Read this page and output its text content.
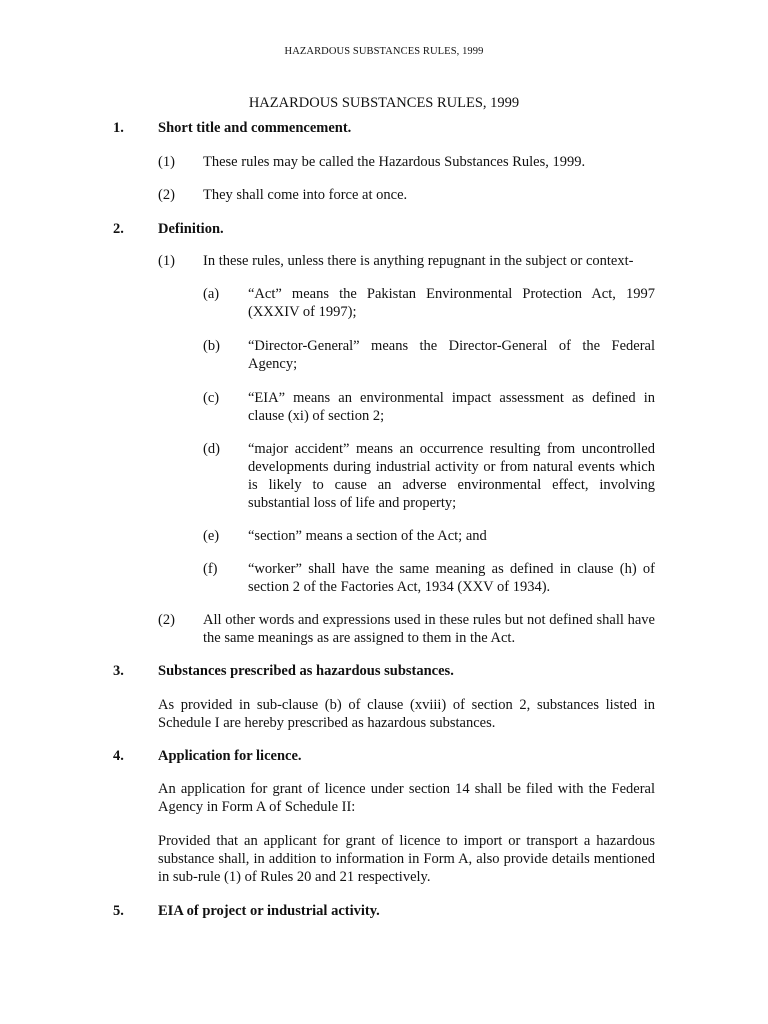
HAZARDOUS SUBSTANCES RULES, 1999
HAZARDOUS SUBSTANCES RULES, 1999
1. Short title and commencement.
(1) These rules may be called the Hazardous Substances Rules, 1999.
(2) They shall come into force at once.
2. Definition.
(1) In these rules, unless there is anything repugnant in the subject or context-
(a) “Act” means the Pakistan Environmental Protection Act, 1997 (XXXIV of 1997);
(b) “Director-General” means the Director-General of the Federal Agency;
(c) “EIA” means an environmental impact assessment as defined in clause (xi) of section 2;
(d) “major accident” means an occurrence resulting from uncontrolled developments during industrial activity or from natural events which is likely to cause an adverse environmental effect, involving substantial loss of life and property;
(e) “section” means a section of the Act; and
(f) “worker” shall have the same meaning as defined in clause (h) of section 2 of the Factories Act, 1934 (XXV of 1934).
(2) All other words and expressions used in these rules but not defined shall have the same meanings as are assigned to them in the Act.
3. Substances prescribed as hazardous substances.
As provided in sub-clause (b) of clause (xviii) of section 2, substances listed in Schedule I are hereby prescribed as hazardous substances.
4. Application for licence.
An application for grant of licence under section 14 shall be filed with the Federal Agency in Form A of Schedule II:
Provided that an applicant for grant of licence to import or transport a hazardous substance shall, in addition to information in Form A, also provide details mentioned in sub-rule (1) of Rules 20 and 21 respectively.
5. EIA of project or industrial activity.
